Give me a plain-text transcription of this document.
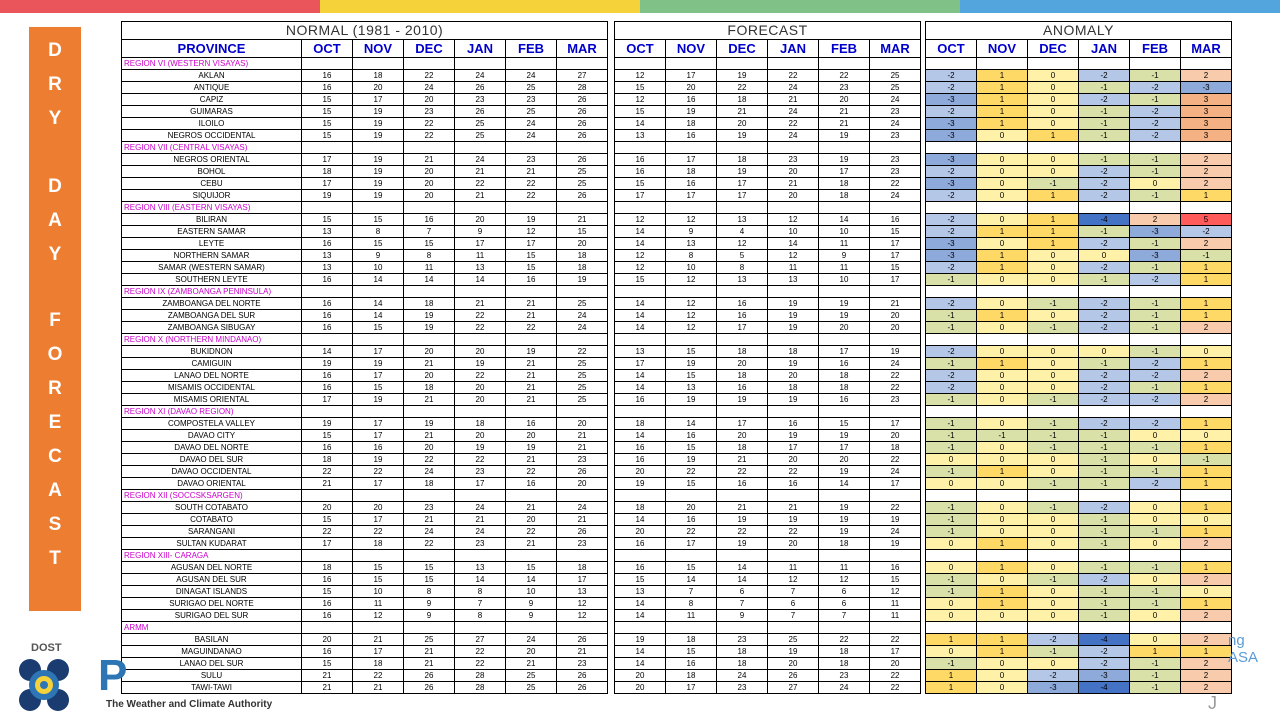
D
R
Y
D
A
Y
F
O
R
E
C
A
S
T
NORMAL (1981 - 2010)						
PROVINCE	OCT	NOV	DEC	JAN	FEB	MAR
REGION VI (WESTERN VISAYAS)						
AKLAN	16	18	22	24	24	27
ANTIQUE	16	20	24	26	25	28
CAPIZ	15	17	20	23	23	26
GUIMARAS	15	19	23	26	25	26
ILOILO	15	19	22	25	24	26
NEGROS OCCIDENTAL	15	19	22	25	24	26
REGION VII (CENTRAL VISAYAS)						
NEGROS ORIENTAL	17	19	21	24	23	26
BOHOL	18	19	20	21	21	25
CEBU	17	19	20	22	22	25
SIQUIJOR	19	19	20	21	22	26
REGION VIII (EASTERN VISAYAS)						
BILIRAN	15	15	16	20	19	21
EASTERN SAMAR	13	8	7	9	12	15
LEYTE	16	15	15	17	17	20
NORTHERN SAMAR	13	9	8	11	15	18
SAMAR (WESTERN SAMAR)	13	10	11	13	15	18
SOUTHERN LEYTE	16	14	14	14	16	19
REGION IX (ZAMBOANGA PENINSULA)						
ZAMBOANGA DEL NORTE	16	14	18	21	21	25
ZAMBOANGA DEL SUR	16	14	19	22	21	24
ZAMBOANGA SIBUGAY	16	15	19	22	22	24
REGION X (NORTHERN MINDANAO)						
BUKIDNON	14	17	20	20	19	22
CAMIGUIN	19	19	21	19	21	25
LANAO DEL NORTE	16	17	20	22	21	25
MISAMIS OCCIDENTAL	16	15	18	20	21	25
MISAMIS ORIENTAL	17	19	21	20	21	25
REGION XI (DAVAO REGION)						
COMPOSTELA VALLEY	19	17	19	18	16	20
DAVAO CITY	15	17	21	20	20	21
DAVAO DEL NORTE	16	16	20	19	19	21
DAVAO DEL SUR	18	19	22	22	21	23
DAVAO OCCIDENTAL	22	22	24	23	22	26
DAVAO ORIENTAL	21	17	18	17	16	20
REGION XII (SOCCSKSARGEN)						
SOUTH COTABATO	20	20	23	24	21	24
COTABATO	15	17	21	21	20	21
SARANGANI	22	22	24	24	22	26
SULTAN KUDARAT	17	18	22	23	21	23
REGION XIII- CARAGA						
AGUSAN DEL NORTE	18	15	15	13	15	18
AGUSAN DEL SUR	16	15	15	14	14	17
DINAGAT ISLANDS	15	10	8	8	10	13
SURIGAO DEL NORTE	16	11	9	7	9	12
SURIGAO DEL SUR	16	12	9	8	9	12
ARMM						
BASILAN	20	21	25	27	24	26
MAGUINDANAO	16	17	21	22	20	21
LANAO DEL SUR	15	18	21	22	21	23
SULU	21	22	26	28	25	26
TAWI-TAWI	21	21	26	28	25	26
FORECAST					
OCT	NOV	DEC	JAN	FEB	MAR

12	17	19	22	22	25
15	20	22	24	23	25
12	16	18	21	20	24
15	19	21	24	21	23
14	18	20	22	21	24
13	16	19	24	19	23

16	17	18	23	19	23
16	18	19	20	17	23
15	16	17	21	18	22
17	17	17	20	18	24

12	12	13	12	14	16
14	9	4	10	10	15
14	13	12	14	11	17
12	8	5	12	9	17
12	10	8	11	11	15
15	12	13	13	10	17

14	12	16	19	19	21
14	12	16	19	19	20
14	12	17	19	20	20

13	15	18	18	17	19
17	19	20	19	16	24
14	15	18	20	18	22
14	13	16	18	18	22
16	19	19	19	16	23

18	14	17	16	15	17
14	16	20	19	19	20
16	15	18	17	17	18
16	19	21	20	20	22
20	22	22	22	19	24
19	15	16	16	14	17

18	20	21	21	19	22
14	16	19	19	19	19
20	22	22	22	19	24
16	17	19	20	18	19

16	15	14	11	11	16
15	14	14	12	12	15
13	7	6	7	6	12
14	8	7	6	6	11
14	11	9	7	7	11

19	18	23	25	22	22
14	15	18	19	18	17
14	16	18	20	18	20
20	18	24	26	23	22
20	17	23	27	24	22
ANOMALY					
OCT	NOV	DEC	JAN	FEB	MAR

-2	1	0	-2	-1	2
-2	1	0	-1	-2	-3
-3	1	0	-2	-1	3
-2	1	0	-1	-2	3
-3	1	0	-1	-2	3
-3	0	1	-1	-2	3

-3	0	0	-1	-1	2
-2	0	0	-2	-1	2
-3	0	-1	-2	0	2
-2	0	1	-2	-1	1

-2	0	1	-4	2	5
-2	1	1	-1	-3	-2
-3	0	1	-2	-1	2
-3	1	0	0	-3	-1
-2	1	0	-2	-1	1
-1	0	0	-1	-2	1

-2	0	-1	-2	-1	1
-1	1	0	-2	-1	1
-1	0	-1	-2	-1	2

-2	0	0	0	-1	0
-1	1	0	-1	-2	1
-2	0	0	-2	-2	2
-2	0	0	-2	-1	1
-1	0	-1	-2	-2	2

-1	0	-1	-2	-2	1
-1	-1	-1	-1	0	0
-1	0	-1	-1	-1	1
0	0	0	-1	0	-1
-1	1	0	-1	-1	1
0	0	-1	-1	-2	1

-1	0	-1	-2	0	1
-1	0	0	-1	0	0
-1	0	0	-1	-1	1
0	1	0	-1	0	2

0	1	0	-1	-1	1
-1	0	-1	-2	0	2
-1	1	0	-1	-1	0
0	1	0	-1	-1	1
0	0	0	-1	0	2

1	1	-2	-4	0	2
0	1	-1	-2	1	1
-1	0	0	-2	-1	2
1	0	-2	-3	-1	2
1	0	-3	-4	-1	2
DOST
P
The Weather and Climate Authority
ng
ASA
J
